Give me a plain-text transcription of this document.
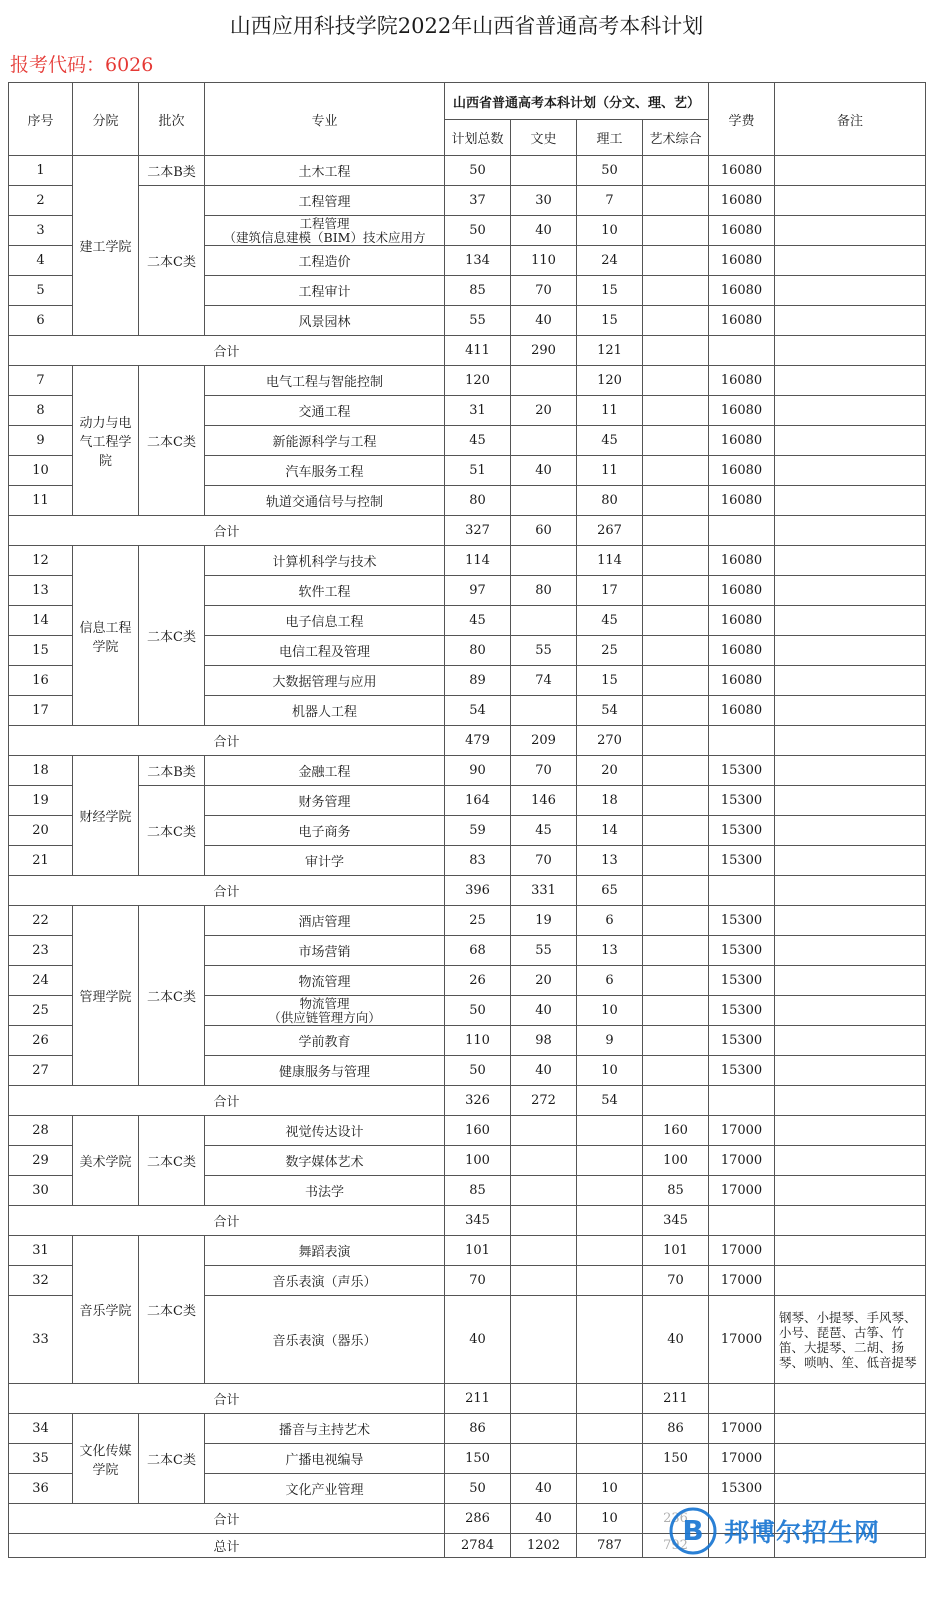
山西应用科技学院2022年山西省普通高考本科计划
报考代码：6026
序号	分院	批次	专业	山西省普通高考本科计划（分文、理、艺）				学费	备注
				计划总数	文史	理工	艺术综合		
1	建工学院	二本B类	土木工程	50		50		16080	
2		二本C类	工程管理	37	30	7		16080	
3			工程管理
（建筑信息建模（BIM）技术应用方	50	40	10		16080	
4			工程造价	134	110	24		16080	
5			工程审计	85	70	15		16080	
6			风景园林	55	40	15		16080	
合计				411	290	121			
7	动力与电气工程学院	二本C类	电气工程与智能控制	120		120		16080	
8			交通工程	31	20	11		16080	
9			新能源科学与工程	45		45		16080	
10			汽车服务工程	51	40	11		16080	
11			轨道交通信号与控制	80		80		16080	
合计				327	60	267			
12	信息工程学院	二本C类	计算机科学与技术	114		114		16080	
13			软件工程	97	80	17		16080	
14			电子信息工程	45		45		16080	
15			电信工程及管理	80	55	25		16080	
16			大数据管理与应用	89	74	15		16080	
17			机器人工程	54		54		16080	
合计				479	209	270			
18	财经学院	二本B类	金融工程	90	70	20		15300	
19		二本C类	财务管理	164	146	18		15300	
20			电子商务	59	45	14		15300	
21			审计学	83	70	13		15300	
合计				396	331	65			
22	管理学院	二本C类	酒店管理	25	19	6		15300	
23			市场营销	68	55	13		15300	
24			物流管理	26	20	6		15300	
25			物流管理
（供应链管理方向）	50	40	10		15300	
26			学前教育	110	98	9		15300	
27			健康服务与管理	50	40	10		15300	
合计				326	272	54			
28	美术学院	二本C类	视觉传达设计	160			160	17000	
29			数字媒体艺术	100			100	17000	
30			书法学	85			85	17000	
合计				345			345		
31	音乐学院	二本C类	舞蹈表演	101			101	17000	
32			音乐表演（声乐）	70			70	17000	
33			音乐表演（器乐）	40			40	17000	钢琴、小提琴、手风琴、小号、琵琶、古筝、竹笛、大提琴、二胡、扬琴、唢呐、笙、低音提琴
合计				211			211		
34	文化传媒学院	二本C类	播音与主持艺术	86			86	17000	
35			广播电视编导	150			150	17000	
36			文化产业管理	50	40	10		15300	
合计				286	40	10	236		
总计				2784	1202	787	792		
B 邦博尔招生网
